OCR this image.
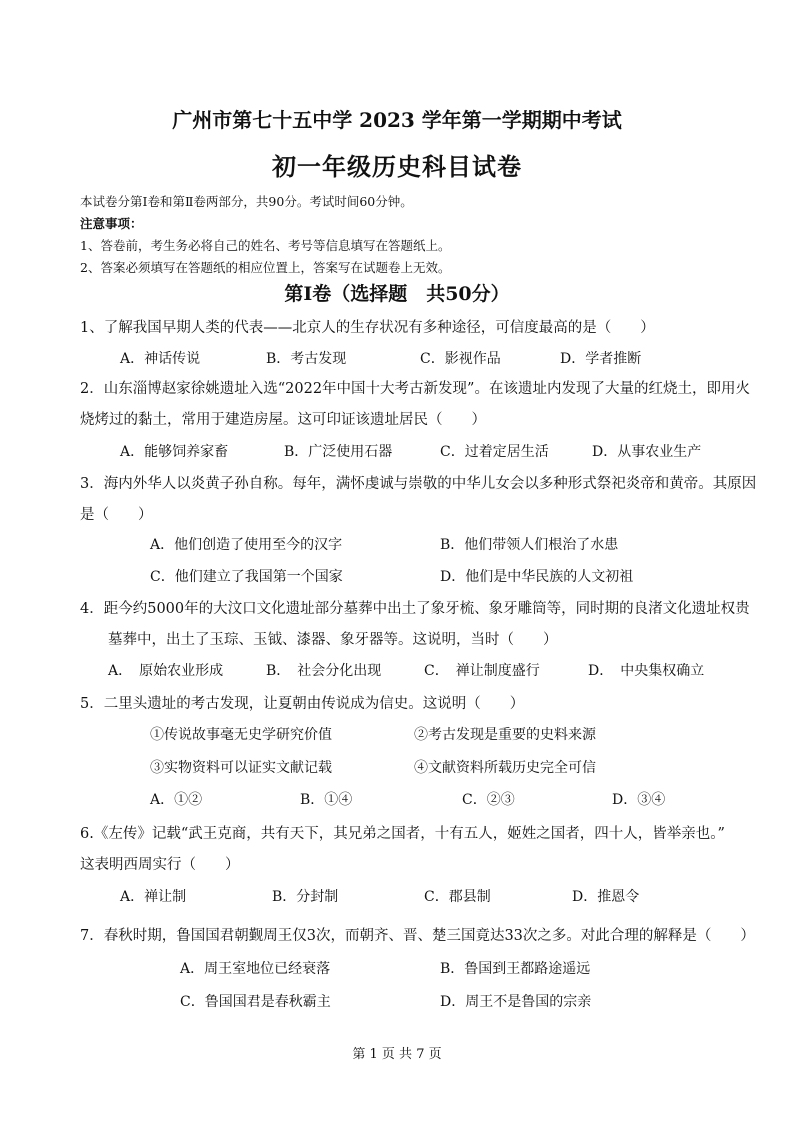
广州市第七十五中学 2023 学年第一学期期中考试
初一年级历史科目试卷
本试卷分第Ⅰ卷和第Ⅱ卷两部分，共90分。考试时间60分钟。
注意事项：
1、答卷前，考生务必将自己的姓名、考号等信息填写在答题纸上。
2、答案必须填写在答题纸的相应位置上，答案写在试题卷上无效。
第Ⅰ卷（选择题　共50分）
1、了解我国早期人类的代表——北京人的生存状况有多种途径，可信度最高的是（　　）
A．神话传说	B．考古发现	C．影视作品	D．学者推断
2．山东淄博赵家徐姚遗址入选“2022年中国十大考古新发现”。在该遗址内发现了大量的红烧土，即用火
烧烤过的黏土，常用于建造房屋。这可印证该遗址居民（　　）
A．能够饲养家畜	B．广泛使用石器	C．过着定居生活	D．从事农业生产
3．海内外华人以炎黄子孙自称。每年，满怀虔诚与崇敬的中华儿女会以多种形式祭祀炎帝和黄帝。其原因
是（　　）
A．他们创造了使用至今的汉字	B．他们带领人们根治了水患
C．他们建立了我国第一个国家	D．他们是中华民族的人文初祖
4．距今约5000年的大汶口文化遗址部分墓葬中出土了象牙梳、象牙雕筒等，同时期的良渚文化遗址权贵
墓葬中，出土了玉琮、玉钺、漆器、象牙器等。这说明，当时（　　）
A．　原始农业形成	B．　社会分化出现	C．　禅让制度盛行	D．　中央集权确立
5．二里头遗址的考古发现，让夏朝由传说成为信史。这说明（　　）
①传说故事毫无史学研究价值	②考古发现是重要的史料来源
③实物资料可以证实文献记载	④文献资料所载历史完全可信
A．①②	B．①④	C．②③	D．③④
6.《左传》记载“武王克商，共有天下，其兄弟之国者，十有五人，姬姓之国者，四十人，皆举亲也。”
这表明西周实行（　　）
A．禅让制	B．分封制	C．郡县制	D．推恩令
7．春秋时期，鲁国国君朝觐周王仅3次，而朝齐、晋、楚三国竟达33次之多。对此合理的解释是（　　）
A．周王室地位已经衰落	B．鲁国到王都路途遥远
C．鲁国国君是春秋霸主	D．周王不是鲁国的宗亲
第 1 页 共 7 页
